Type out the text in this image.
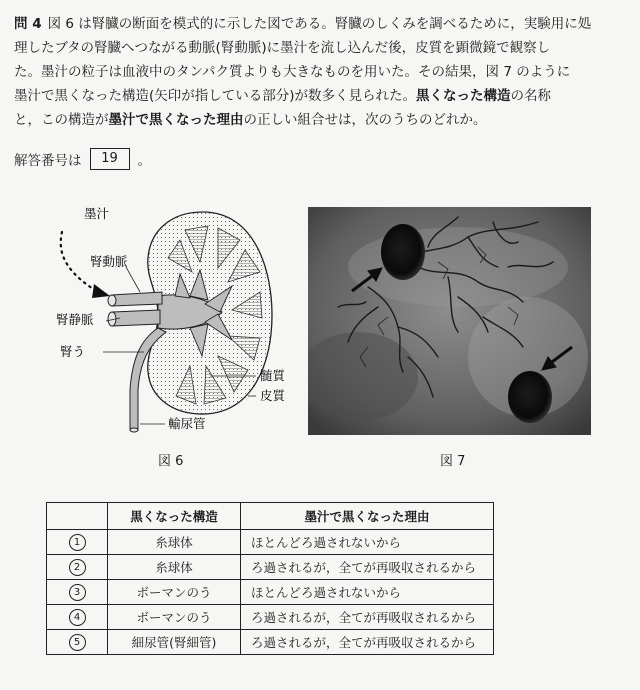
問 4 図 6 は腎臓の断面を模式的に示した図である。腎臓のしくみを調べるために，実験用に処

理したブタの腎臓へつながる動脈(腎動脈)に墨汁を流し込んだ後，皮質を顕微鏡で観察し

た。墨汁の粒子は血液中のタンパク質よりも大きなものを用いた。その結果，図 7 のように

墨汁で黒くなった構造(矢印が指している部分)が数多く見られた。黒くなった構造の名称

と，この構造が墨汁で黒くなった理由の正しい組合せは，次のうちのどれか。

解答番号は	19	。
墨汁
腎動脈
腎静脈
腎う
髄質
皮質
輸尿管
図 6	図 7
	黒くなった構造	墨汁で黒くなった理由
1	糸球体	ほとんどろ過されないから
2	糸球体	ろ過されるが，全てが再吸収されるから
3	ボーマンのう	ほとんどろ過されないから
4	ボーマンのう	ろ過されるが，全てが再吸収されるから
5	細尿管(腎細管)	ろ過されるが，全てが再吸収されるから
